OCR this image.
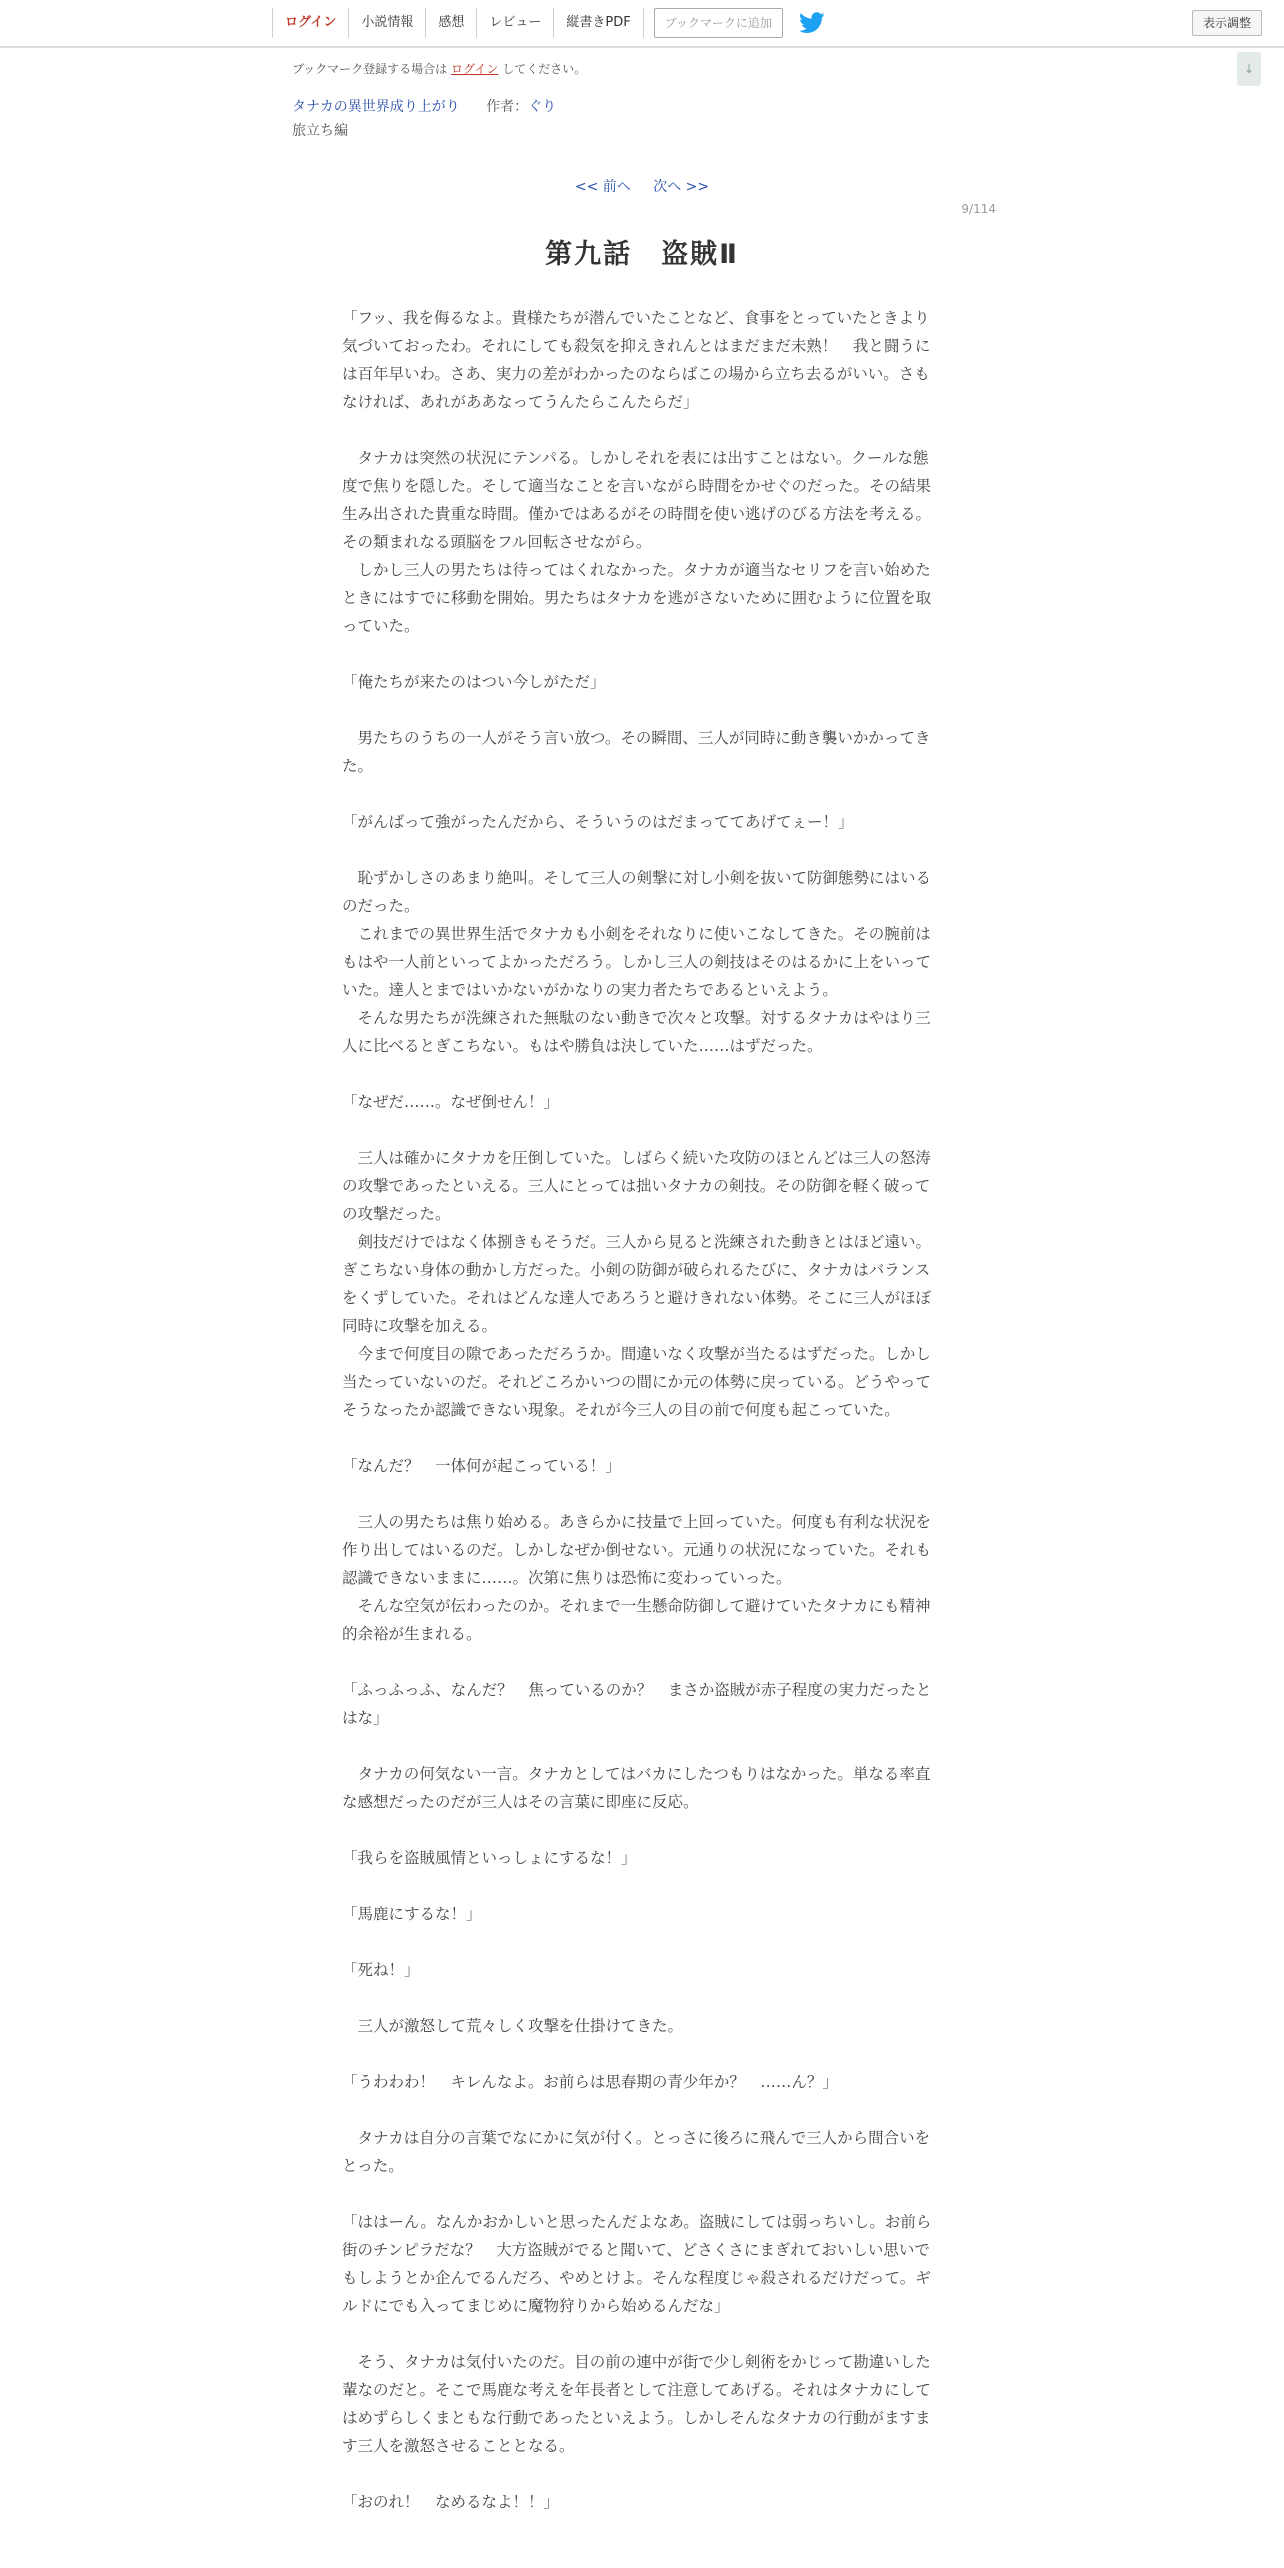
ログイン	小説情報	感想	レビュー	縦書きPDF	ブックマークに追加	表示調整
↓
ブックマーク登録する場合は ログイン してください。
タナカの異世界成り上がり 作者：ぐり
旅立ち編
<< 前へ 次へ >>
9/114
第九話　盗賊Ⅱ

「フッ、我を侮るなよ。貴様たちが潜んでいたことなど、食事をとっていたときより気づいておったわ。それにしても殺気を抑えきれんとはまだまだ未熟！　我と闘うには百年早いわ。さあ、実力の差がわかったのならばこの場から立ち去るがいい。さもなければ、あれがああなってうんたらこんたらだ」

　タナカは突然の状況にテンパる。しかしそれを表には出すことはない。クールな態度で焦りを隠した。そして適当なことを言いながら時間をかせぐのだった。その結果生み出された貴重な時間。僅かではあるがその時間を使い逃げのびる方法を考える。その類まれなる頭脳をフル回転させながら。

　しかし三人の男たちは待ってはくれなかった。タナカが適当なセリフを言い始めたときにはすでに移動を開始。男たちはタナカを逃がさないために囲むように位置を取っていた。

「俺たちが来たのはつい今しがただ」

　男たちのうちの一人がそう言い放つ。その瞬間、三人が同時に動き襲いかかってきた。

「がんばって強がったんだから、そういうのはだまっててあげてぇー！」

　恥ずかしさのあまり絶叫。そして三人の剣撃に対し小剣を抜いて防御態勢にはいるのだった。

　これまでの異世界生活でタナカも小剣をそれなりに使いこなしてきた。その腕前はもはや一人前といってよかっただろう。しかし三人の剣技はそのはるかに上をいっていた。達人とまではいかないがかなりの実力者たちであるといえよう。

　そんな男たちが洗練された無駄のない動きで次々と攻撃。対するタナカはやはり三人に比べるとぎこちない。もはや勝負は決していた……はずだった。

「なぜだ……。なぜ倒せん！」

　三人は確かにタナカを圧倒していた。しばらく続いた攻防のほとんどは三人の怒涛の攻撃であったといえる。三人にとっては拙いタナカの剣技。その防御を軽く破っての攻撃だった。

　剣技だけではなく体捌きもそうだ。三人から見ると洗練された動きとはほど遠い。ぎこちない身体の動かし方だった。小剣の防御が破られるたびに、タナカはバランスをくずしていた。それはどんな達人であろうと避けきれない体勢。そこに三人がほぼ同時に攻撃を加える。

　今まで何度目の隙であっただろうか。間違いなく攻撃が当たるはずだった。しかし当たっていないのだ。それどころかいつの間にか元の体勢に戻っている。どうやってそうなったか認識できない現象。それが今三人の目の前で何度も起こっていた。

「なんだ？　一体何が起こっている！」

　三人の男たちは焦り始める。あきらかに技量で上回っていた。何度も有利な状況を作り出してはいるのだ。しかしなぜか倒せない。元通りの状況になっていた。それも認識できないままに……。次第に焦りは恐怖に変わっていった。

　そんな空気が伝わったのか。それまで一生懸命防御して避けていたタナカにも精神的余裕が生まれる。

「ふっふっふ、なんだ？　焦っているのか？　まさか盗賊が赤子程度の実力だったとはな」

　タナカの何気ない一言。タナカとしてはバカにしたつもりはなかった。単なる率直な感想だったのだが三人はその言葉に即座に反応。

「我らを盗賊風情といっしょにするな！」

「馬鹿にするな！」

「死ね！」

　三人が激怒して荒々しく攻撃を仕掛けてきた。

「うわわわ！　キレんなよ。お前らは思春期の青少年か？　……ん？」

　タナカは自分の言葉でなにかに気が付く。とっさに後ろに飛んで三人から間合いをとった。

「ははーん。なんかおかしいと思ったんだよなあ。盗賊にしては弱っちいし。お前ら街のチンピラだな？　大方盗賊がでると聞いて、どさくさにまぎれておいしい思いでもしようとか企んでるんだろ、やめとけよ。そんな程度じゃ殺されるだけだって。ギルドにでも入ってまじめに魔物狩りから始めるんだな」

　そう、タナカは気付いたのだ。目の前の連中が街で少し剣術をかじって勘違いした輩なのだと。そこで馬鹿な考えを年長者として注意してあげる。それはタナカにしてはめずらしくまともな行動であったといえよう。しかしそんなタナカの行動がますます三人を激怒させることとなる。

「おのれ！　なめるなよ！！」
